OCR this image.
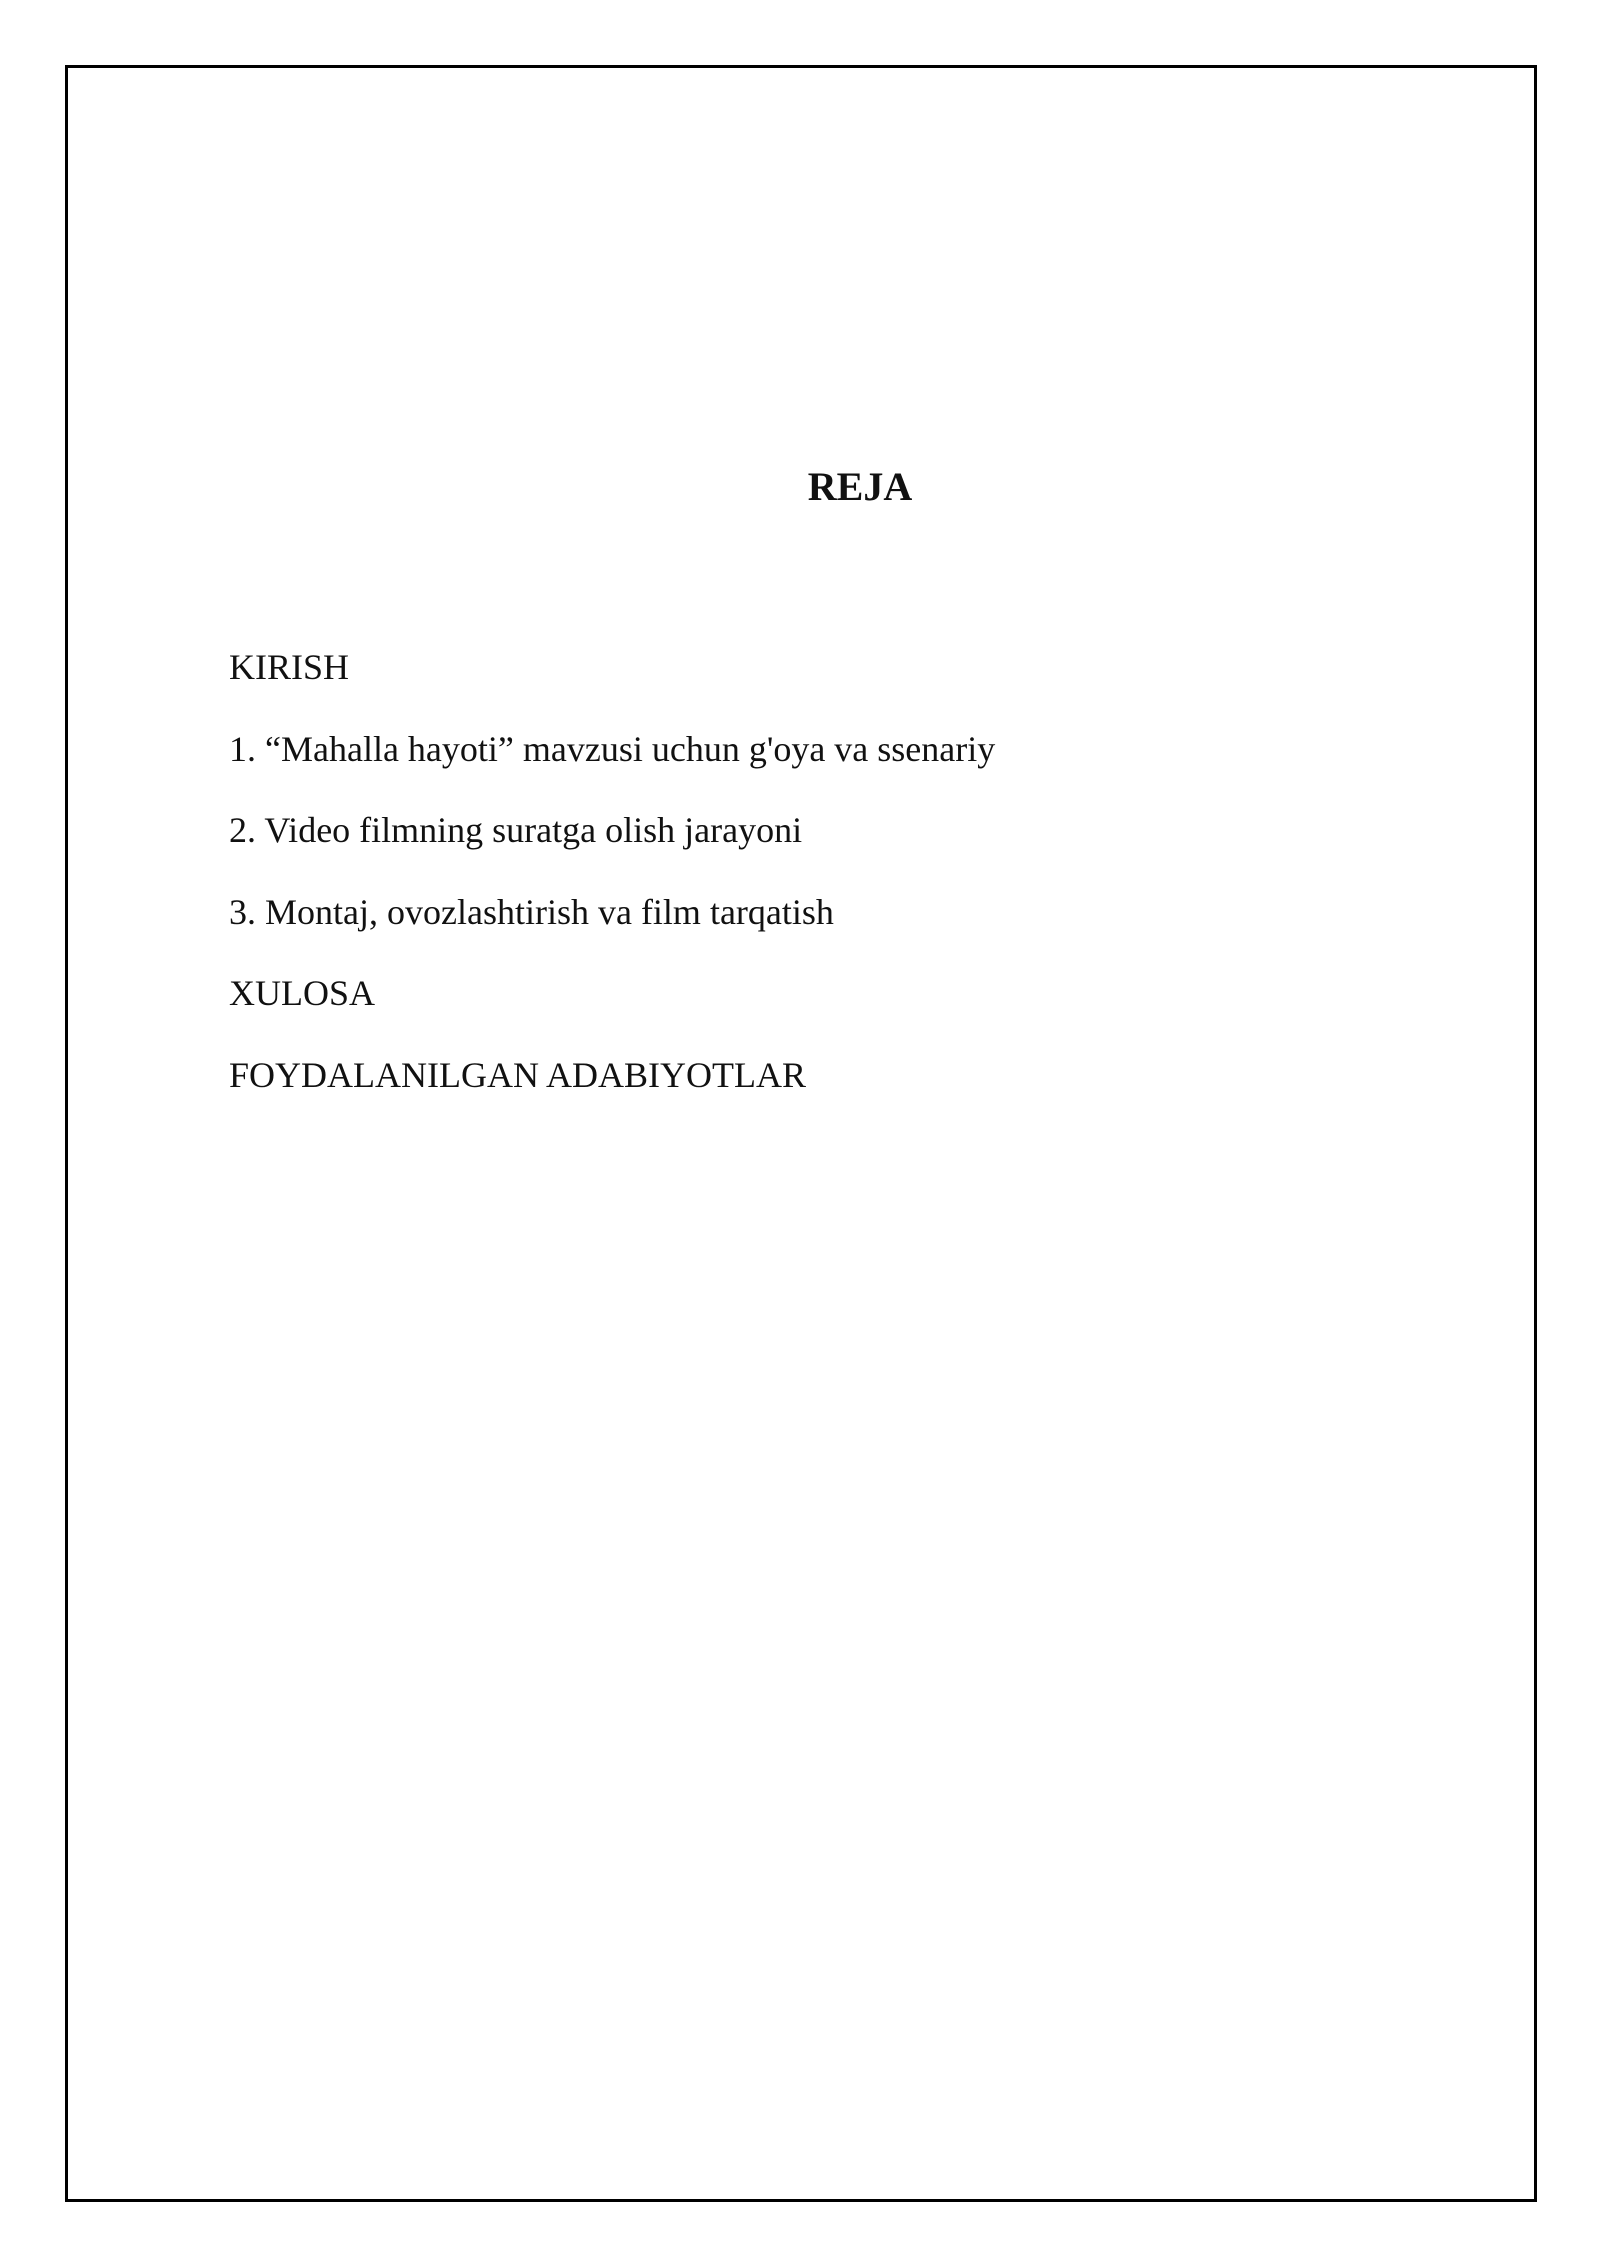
REJA
KIRISH
1. “Mahalla hayoti” mavzusi uchun g'oya va ssenariy
2. Video filmning suratga olish jarayoni
3. Montaj, ovozlashtirish va film tarqatish
XULOSA
FOYDALANILGAN ADABIYOTLAR
